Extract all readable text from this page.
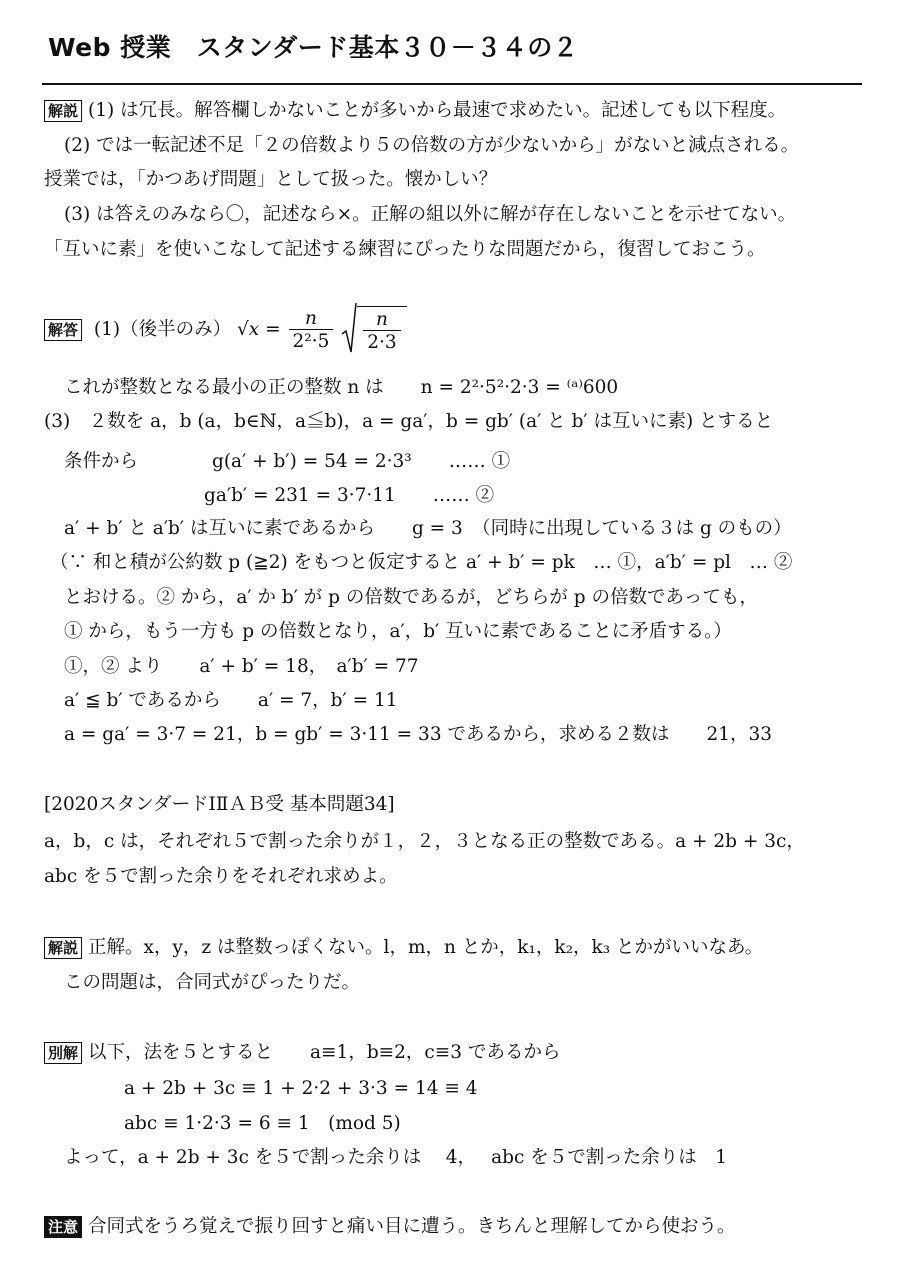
Web 授業　スタンダード基本３０－３４の２
解説 (1) は冗長。解答欄しかないことが多いから最速で求めたい。記述しても以下程度。
(2) では一転記述不足「２の倍数より５の倍数の方が少ないから」がないと減点される。
授業では，「かつあげ問題」として扱った。懐かしい？
(3) は答えのみなら〇，記述なら×。正解の組以外に解が存在しないことを示せてない。
「互いに素」を使いこなして記述する練習にぴったりな問題だから，復習しておこう。
解答 (1)（後半のみ） $√x = \frac{n}{\text{2²·5}}$
$\frac{n}{2\cdot 3}$
これが整数となる最小の正の整数 n は　　n = 2²·5²·2·3 = ⁽ᵃ⁾600
(3)　２数を a，b (a，b∈ℕ，a≦b)，a = ga′，b = gb′ (a′ と b′ は互いに素) とすると
条件から　　　　g(a′ + b′) = 54 = 2·3³　　…… ①
ga′b′ = 231 = 3·7·11　　…… ②
a′ + b′ と a′b′ は互いに素であるから　　g = 3　（同時に出現している３は g のもの）
（∵ 和と積が公約数 p (≧2) をもつと仮定すると a′ + b′ = pk　… ①，a′b′ = pl　… ②
とおける。② から，a′ か b′ が p の倍数であるが，どちらが p の倍数であっても，
① から，もう一方も p の倍数となり，a′，b′ 互いに素であることに矛盾する。）
①，② より　　a′ + b′ = 18，　a′b′ = 77
a′ ≦ b′ であるから　　a′ = 7，b′ = 11
a = ga′ = 3·7 = 21，b = gb′ = 3·11 = 33 であるから，求める２数は　　21，33
[2020スタンダードⅠⅡＡＢ受 基本問題34]
a，b，c は，それぞれ５で割った余りが１，２，３となる正の整数である。a + 2b + 3c，
abc を５で割った余りをそれぞれ求めよ。
解説 正解。x，y，z は整数っぽくない。l，m，n とか，k₁，k₂，k₃ とかがいいなあ。
この問題は，合同式がぴったりだ。
別解 以下，法を５とすると　　a≡1，b≡2，c≡3 であるから
a + 2b + 3c ≡ 1 + 2·2 + 3·3 = 14 ≡ 4
abc ≡ 1·2·3 = 6 ≡ 1　(mod 5)
よって，a + 2b + 3c を５で割った余りは　 4，　 abc を５で割った余りは　1
注意 合同式をうろ覚えで振り回すと痛い目に遭う。きちんと理解してから使おう。
